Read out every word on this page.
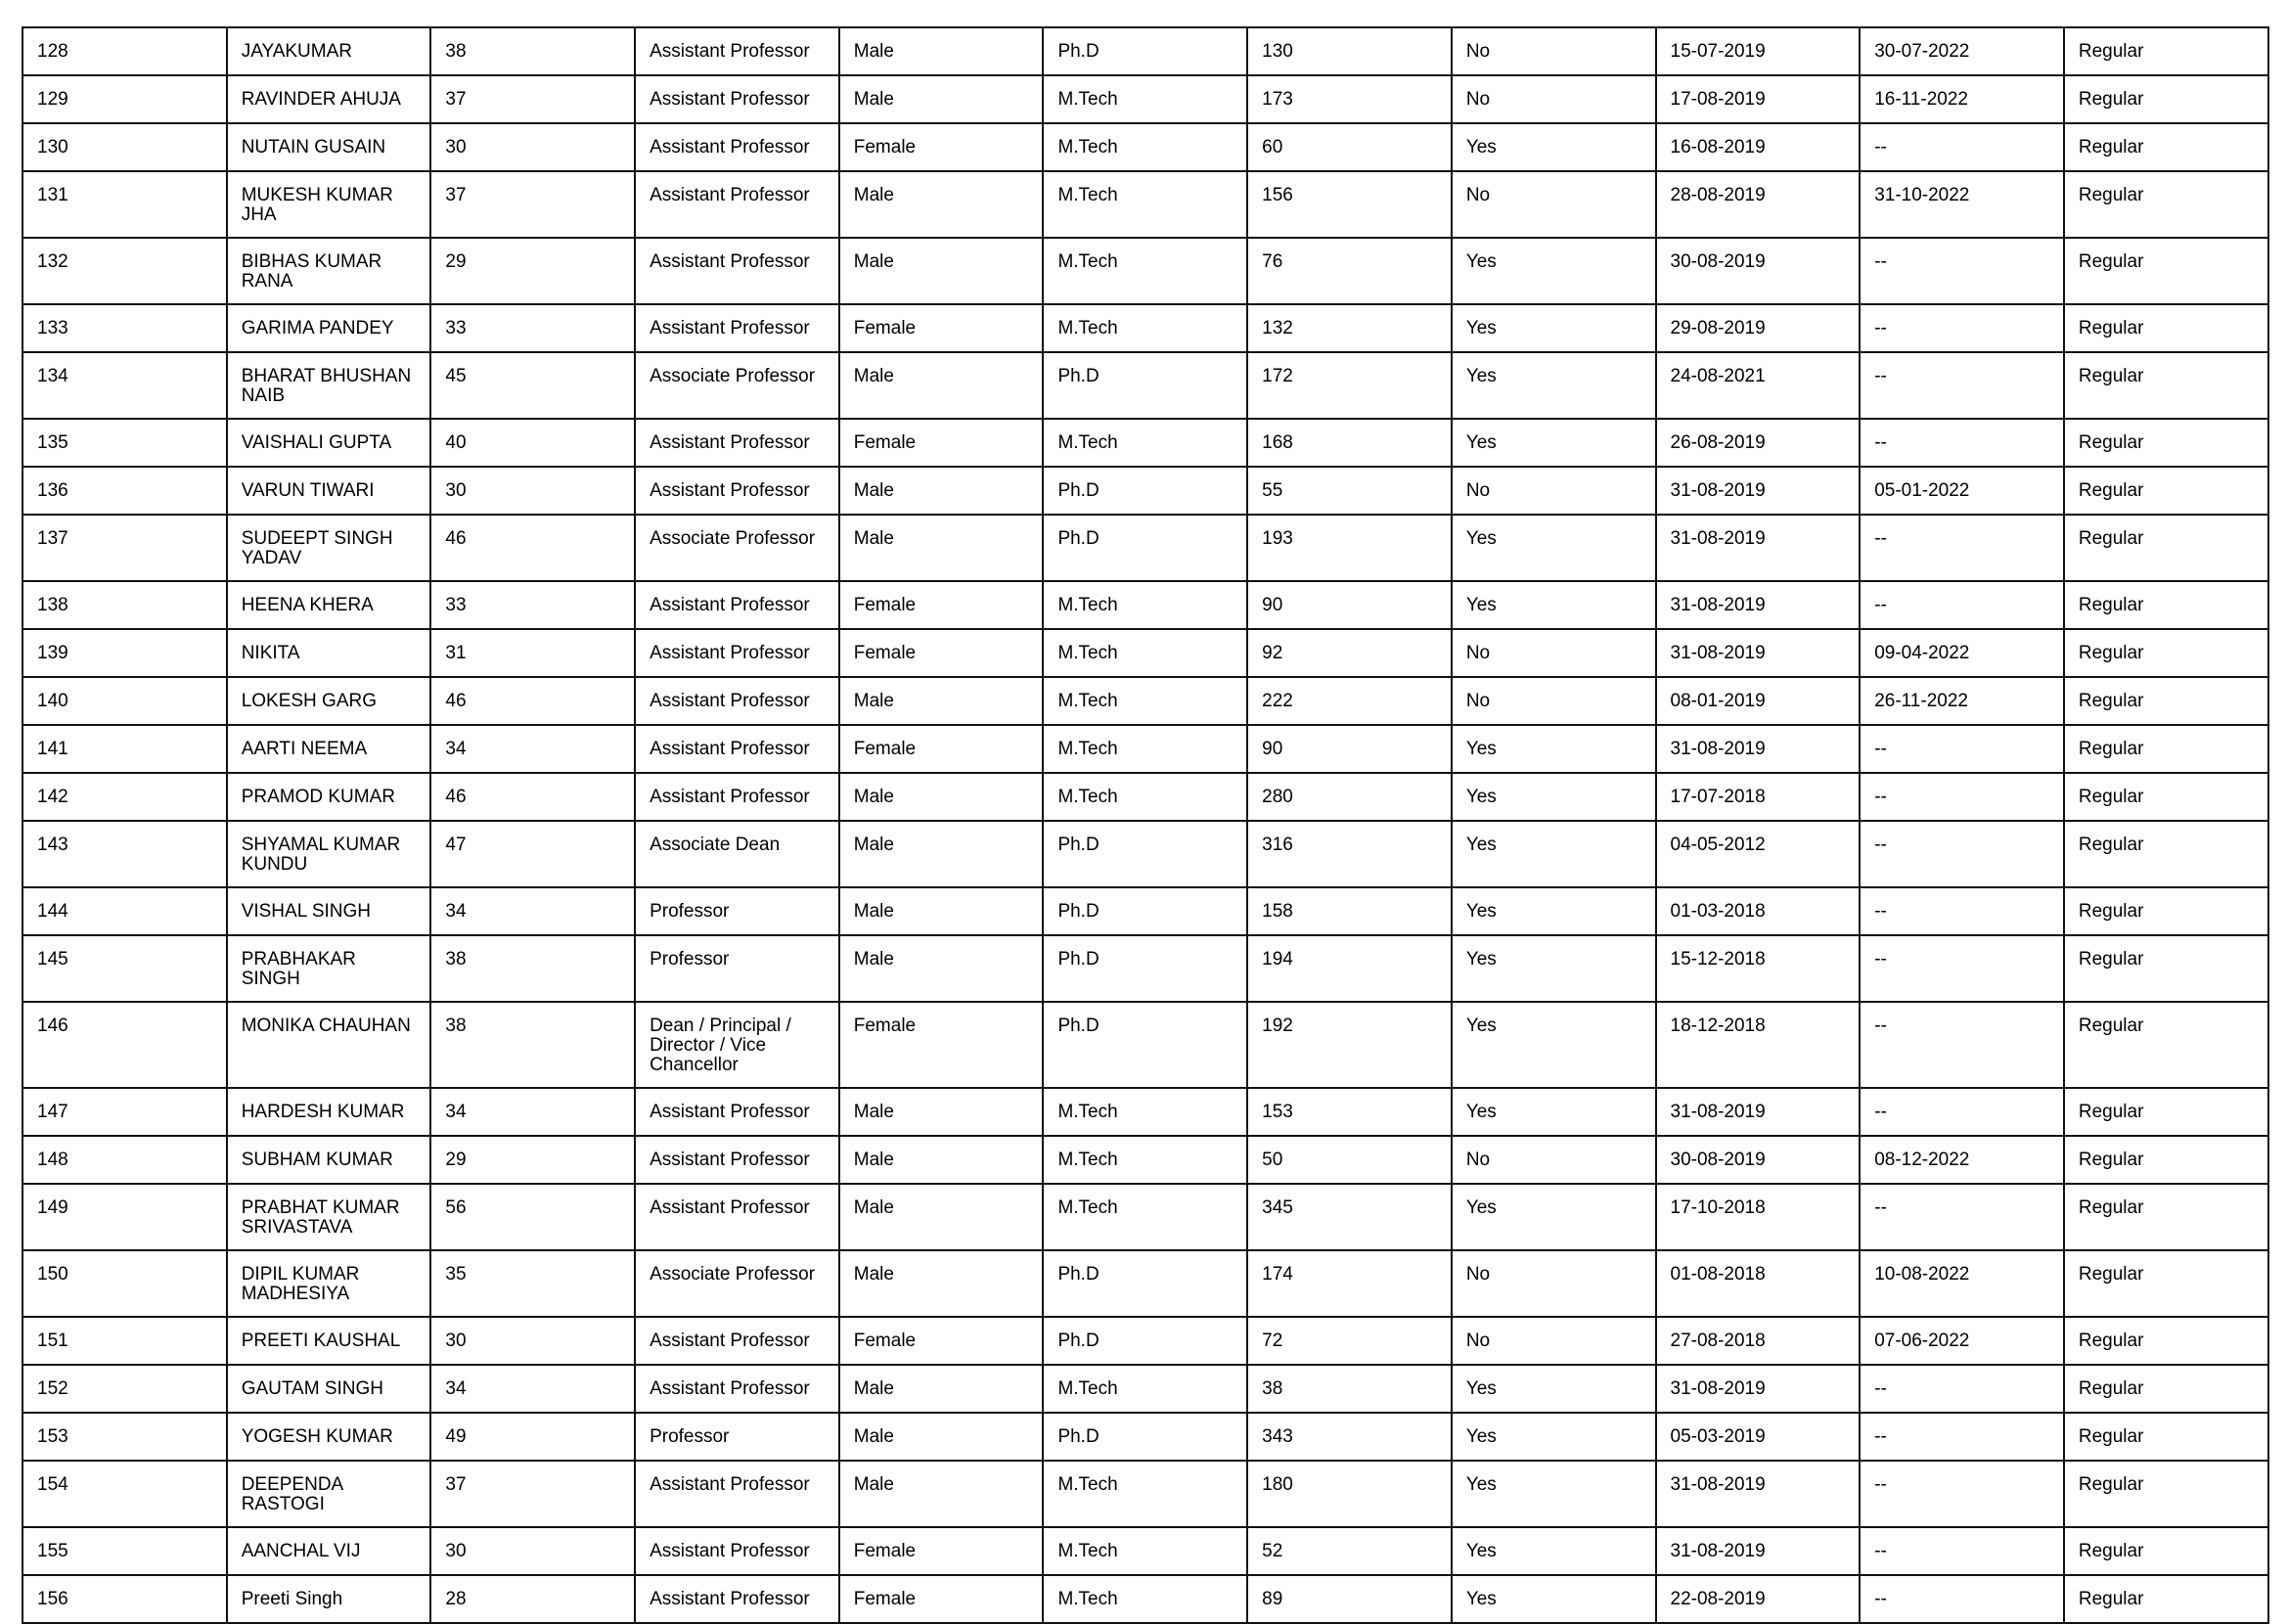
128	JAYAKUMAR	38	Assistant Professor	Male	Ph.D	130	No	15-07-2019	30-07-2022	Regular
129	RAVINDER AHUJA	37	Assistant Professor	Male	M.Tech	173	No	17-08-2019	16-11-2022	Regular
130	NUTAIN GUSAIN	30	Assistant Professor	Female	M.Tech	60	Yes	16-08-2019	--	Regular
131	MUKESH KUMAR JHA	37	Assistant Professor	Male	M.Tech	156	No	28-08-2019	31-10-2022	Regular
132	BIBHAS KUMAR RANA	29	Assistant Professor	Male	M.Tech	76	Yes	30-08-2019	--	Regular
133	GARIMA PANDEY	33	Assistant Professor	Female	M.Tech	132	Yes	29-08-2019	--	Regular
134	BHARAT BHUSHAN NAIB	45	Associate Professor	Male	Ph.D	172	Yes	24-08-2021	--	Regular
135	VAISHALI GUPTA	40	Assistant Professor	Female	M.Tech	168	Yes	26-08-2019	--	Regular
136	VARUN TIWARI	30	Assistant Professor	Male	Ph.D	55	No	31-08-2019	05-01-2022	Regular
137	SUDEEPT SINGH YADAV	46	Associate Professor	Male	Ph.D	193	Yes	31-08-2019	--	Regular
138	HEENA KHERA	33	Assistant Professor	Female	M.Tech	90	Yes	31-08-2019	--	Regular
139	NIKITA	31	Assistant Professor	Female	M.Tech	92	No	31-08-2019	09-04-2022	Regular
140	LOKESH GARG	46	Assistant Professor	Male	M.Tech	222	No	08-01-2019	26-11-2022	Regular
141	AARTI NEEMA	34	Assistant Professor	Female	M.Tech	90	Yes	31-08-2019	--	Regular
142	PRAMOD KUMAR	46	Assistant Professor	Male	M.Tech	280	Yes	17-07-2018	--	Regular
143	SHYAMAL KUMAR KUNDU	47	Associate Dean	Male	Ph.D	316	Yes	04-05-2012	--	Regular
144	VISHAL SINGH	34	Professor	Male	Ph.D	158	Yes	01-03-2018	--	Regular
145	PRABHAKAR SINGH	38	Professor	Male	Ph.D	194	Yes	15-12-2018	--	Regular
146	MONIKA CHAUHAN	38	Dean / Principal / Director / Vice Chancellor	Female	Ph.D	192	Yes	18-12-2018	--	Regular
147	HARDESH KUMAR	34	Assistant Professor	Male	M.Tech	153	Yes	31-08-2019	--	Regular
148	SUBHAM KUMAR	29	Assistant Professor	Male	M.Tech	50	No	30-08-2019	08-12-2022	Regular
149	PRABHAT KUMAR SRIVASTAVA	56	Assistant Professor	Male	M.Tech	345	Yes	17-10-2018	--	Regular
150	DIPIL KUMAR MADHESIYA	35	Associate Professor	Male	Ph.D	174	No	01-08-2018	10-08-2022	Regular
151	PREETI KAUSHAL	30	Assistant Professor	Female	Ph.D	72	No	27-08-2018	07-06-2022	Regular
152	GAUTAM SINGH	34	Assistant Professor	Male	M.Tech	38	Yes	31-08-2019	--	Regular
153	YOGESH KUMAR	49	Professor	Male	Ph.D	343	Yes	05-03-2019	--	Regular
154	DEEPENDA RASTOGI	37	Assistant Professor	Male	M.Tech	180	Yes	31-08-2019	--	Regular
155	AANCHAL VIJ	30	Assistant Professor	Female	M.Tech	52	Yes	31-08-2019	--	Regular
156	Preeti Singh	28	Assistant Professor	Female	M.Tech	89	Yes	22-08-2019	--	Regular
